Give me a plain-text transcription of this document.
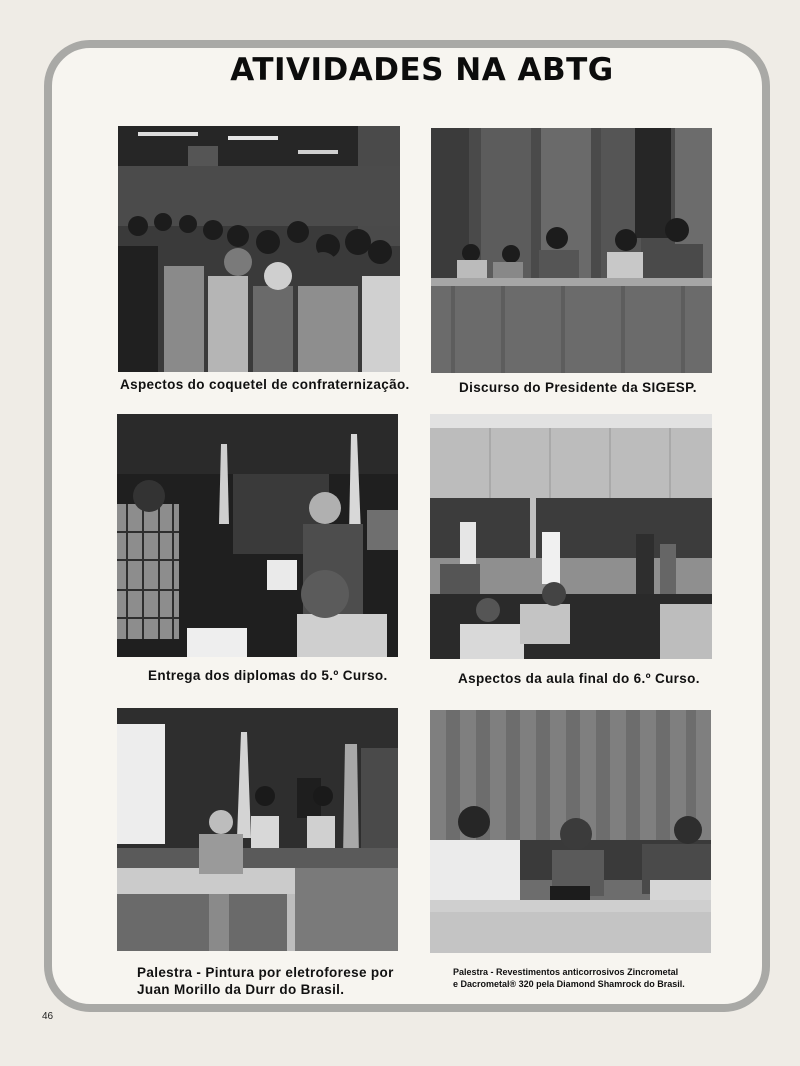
ATIVIDADES NA ABTG
Aspectos do coquetel de confraternização.	Discurso do Presidente da SIGESP.
Entrega dos diplomas do 5.º Curso.	Aspectos da aula final do 6.º Curso.
Palestra - Pintura por eletroforese por
Juan Morillo da Durr do Brasil.
Palestra - Revestimentos anticorrosivos Zincrometal
e Dacrometal® 320 pela Diamond Shamrock do Brasil.
46
